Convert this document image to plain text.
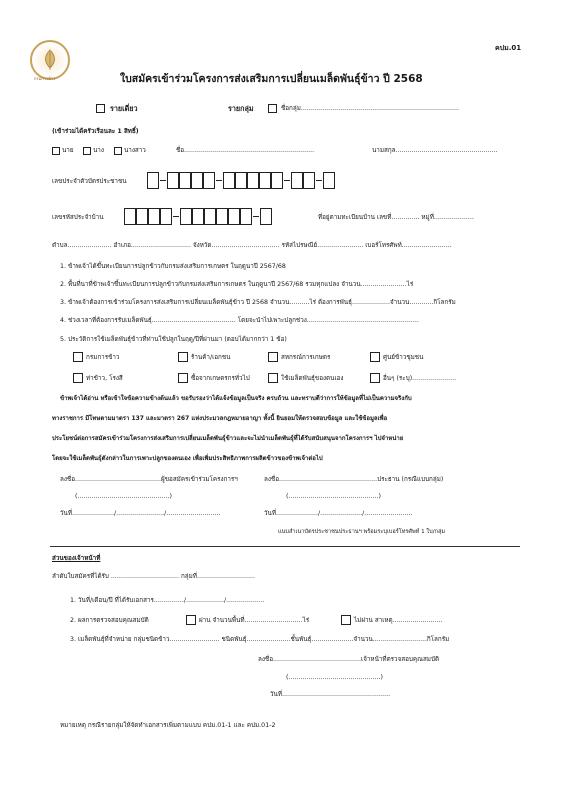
คปม.01
กรมการข้าว	ใบสมัครเข้าร่วมโครงการส่งเสริมการเปลี่ยนเมล็ดพันธุ์ข้าว ปี 2568
รายเดี่ยว	รายกลุ่ม	ชื่อกลุ่ม...............................................................................
(เข้าร่วมได้ครัวเรือนละ 1 สิทธิ์)
นาย	นาง	นางสาว	ชื่อ.................................................................	นามสกุล...................................................
เลขประจำตัวบัตรประชาชน
เลขรหัสประจำบ้าน	ที่อยู่ตามทะเบียนบ้าน เลขที่.............. หมู่ที่....................
ตำบล...................... อำเภอ.............................. จังหวัด.................................. รหัสไปรษณีย์....................... เบอร์โทรศัพท์.........................
1. ข้าพเจ้าได้ขึ้นทะเบียนการปลูกข้าวกับกรมส่งเสริมการเกษตร ในฤดูนาปี 2567/68
2. พื้นที่นาที่ข้าพเจ้าขึ้นทะเบียนการปลูกข้าวกับกรมส่งเสริมการเกษตร ในฤดูนาปี 2567/68 รวมทุกแปลง จำนวน.......................ไร่
3. ข้าพเจ้าต้องการเข้าร่วมโครงการส่งเสริมการเปลี่ยนเมล็ดพันธุ์ข้าว ปี 2568 จำนวน..........ไร่ ต้องการพันธุ์...................จำนวน............กิโลกรัม
4. ช่วงเวลาที่ต้องการรับเมล็ดพันธุ์.......................................... โดยจะนำไปเพาะปลูกช่วง........................................................
5. ประวัติการใช้เมล็ดพันธุ์ข้าวที่ท่านใช้ปลูกในฤดู/ปีที่ผ่านมา (ตอบได้มากกว่า 1 ข้อ)
กรมการข้าว	ร้านค้า/เอกชน	สหกรณ์การเกษตร	ศูนย์ข้าวชุมชน
ท่าข้าว, โรงสี	ซื้อจากเกษตรกรทั่วไป	ใช้เมล็ดพันธุ์ของตนเอง	อื่นๆ (ระบุ)......................
ข้าพเจ้าได้อ่าน หรือเข้าใจข้อความข้างต้นแล้ว ขอรับรองว่าได้แจ้งข้อมูลเป็นจริง ครบถ้วน และทราบดีว่าการให้ข้อมูลที่ไม่เป็นความจริงกับ
ทางราชการ มีโทษตามมาตรา 137 และมาตรา 267 แห่งประมวลกฎหมายอาญา ทั้งนี้ ยินยอมให้ตรวจสอบข้อมูล และใช้ข้อมูลเพื่อ
ประโยชน์ต่อการสมัครเข้าร่วมโครงการส่งเสริมการเปลี่ยนเมล็ดพันธุ์ข้าวและจะไม่นำเมล็ดพันธุ์ที่ได้รับสนับสนุนจากโครงการฯ ไปจำหน่าย
โดยจะใช้เมล็ดพันธุ์ดังกล่าวในการเพาะปลูกของตนเอง เพื่อเพิ่มประสิทธิภาพการผลิตข้าวของข้าพเจ้าต่อไป
ลงชื่อ...........................................ผู้ขอสมัครเข้าร่วมโครงการฯ
(..............................................)
วันที่...................../......................../...........................
ลงชื่อ.................................................ประธาน (กรณีแบบกลุ่ม)
(.............................................)
วันที่...................../...................../........................
แนบสำเนาบัตรประชาชนประธานฯ พร้อมระบุเบอร์โทรศัพท์ 1 ใบ/กลุ่ม
ส่วนของเจ้าหน้าที่
ลำดับใบสมัครที่ได้รับ .................................. กลุ่มที่.............................
1. วันที่/เดือน/ปี ที่ได้รับเอกสาร.............../.................../...................
2. ผลการตรวจสอบคุณสมบัติ	ผ่าน จำนวนพื้นที่.............................ไร่	ไม่ผ่าน สาเหตุ.........................
3. เมล็ดพันธุ์ที่จำหน่าย กลุ่มชนิดข้าว......................... ชนิดพันธุ์......................ชั้นพันธุ์.....................จำนวน...........................กิโลกรัม
ลงชื่อ............................................เจ้าหน้าที่ตรวจสอบคุณสมบัติ
(..............................................)
วันที่......................................................
หมายเหตุ กรณีรายกลุ่มให้จัดทำเอกสารเพิ่มตามแบบ คปม.01-1 และ คปม.01-2
